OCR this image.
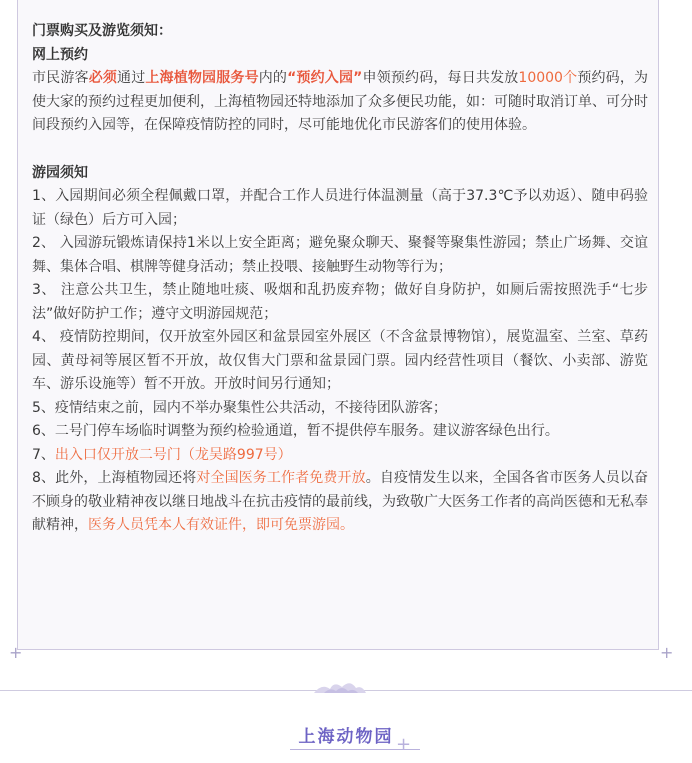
门票购买及游览须知：

网上预约

市民游客必须通过上海植物园服务号内的“预约入园”申领预约码，每日共发放10000个预约码，为使大家的预约过程更加便利，上海植物园还特地添加了众多便民功能，如：可随时取消订单、可分时间段预约入园等，在保障疫情防控的同时，尽可能地优化市民游客们的使用体验。

游园须知

1、入园期间必须全程佩戴口罩，并配合工作人员进行体温测量（高于37.3℃予以劝返）、随申码验证（绿色）后方可入园；

2、 入园游玩锻炼请保持1米以上安全距离；避免聚众聊天、聚餐等聚集性游园；禁止广场舞、交谊舞、集体合唱、棋牌等健身活动；禁止投喂、接触野生动物等行为；

3、 注意公共卫生，禁止随地吐痰、吸烟和乱扔废弃物；做好自身防护，如厕后需按照洗手“七步法”做好防护工作；遵守文明游园规范；

4、 疫情防控期间，仅开放室外园区和盆景园室外展区（不含盆景博物馆），展览温室、兰室、草药园、黄母祠等展区暂不开放，故仅售大门票和盆景园门票。园内经营性项目（餐饮、小卖部、游览车、游乐设施等）暂不开放。开放时间另行通知；

5、疫情结束之前，园内不举办聚集性公共活动，不接待团队游客；

6、二号门停车场临时调整为预约检验通道，暂不提供停车服务。建议游客绿色出行。

7、出入口仅开放二号门（龙吴路997号）

8、此外，上海植物园还将对全国医务工作者免费开放。自疫情发生以来，全国各省市医务人员以奋不顾身的敬业精神夜以继日地战斗在抗击疫情的最前线，为致敬广大医务工作者的高尚医德和无私奉献精神，医务人员凭本人有效证件，即可免票游园。

+	+
上海动物园 +
